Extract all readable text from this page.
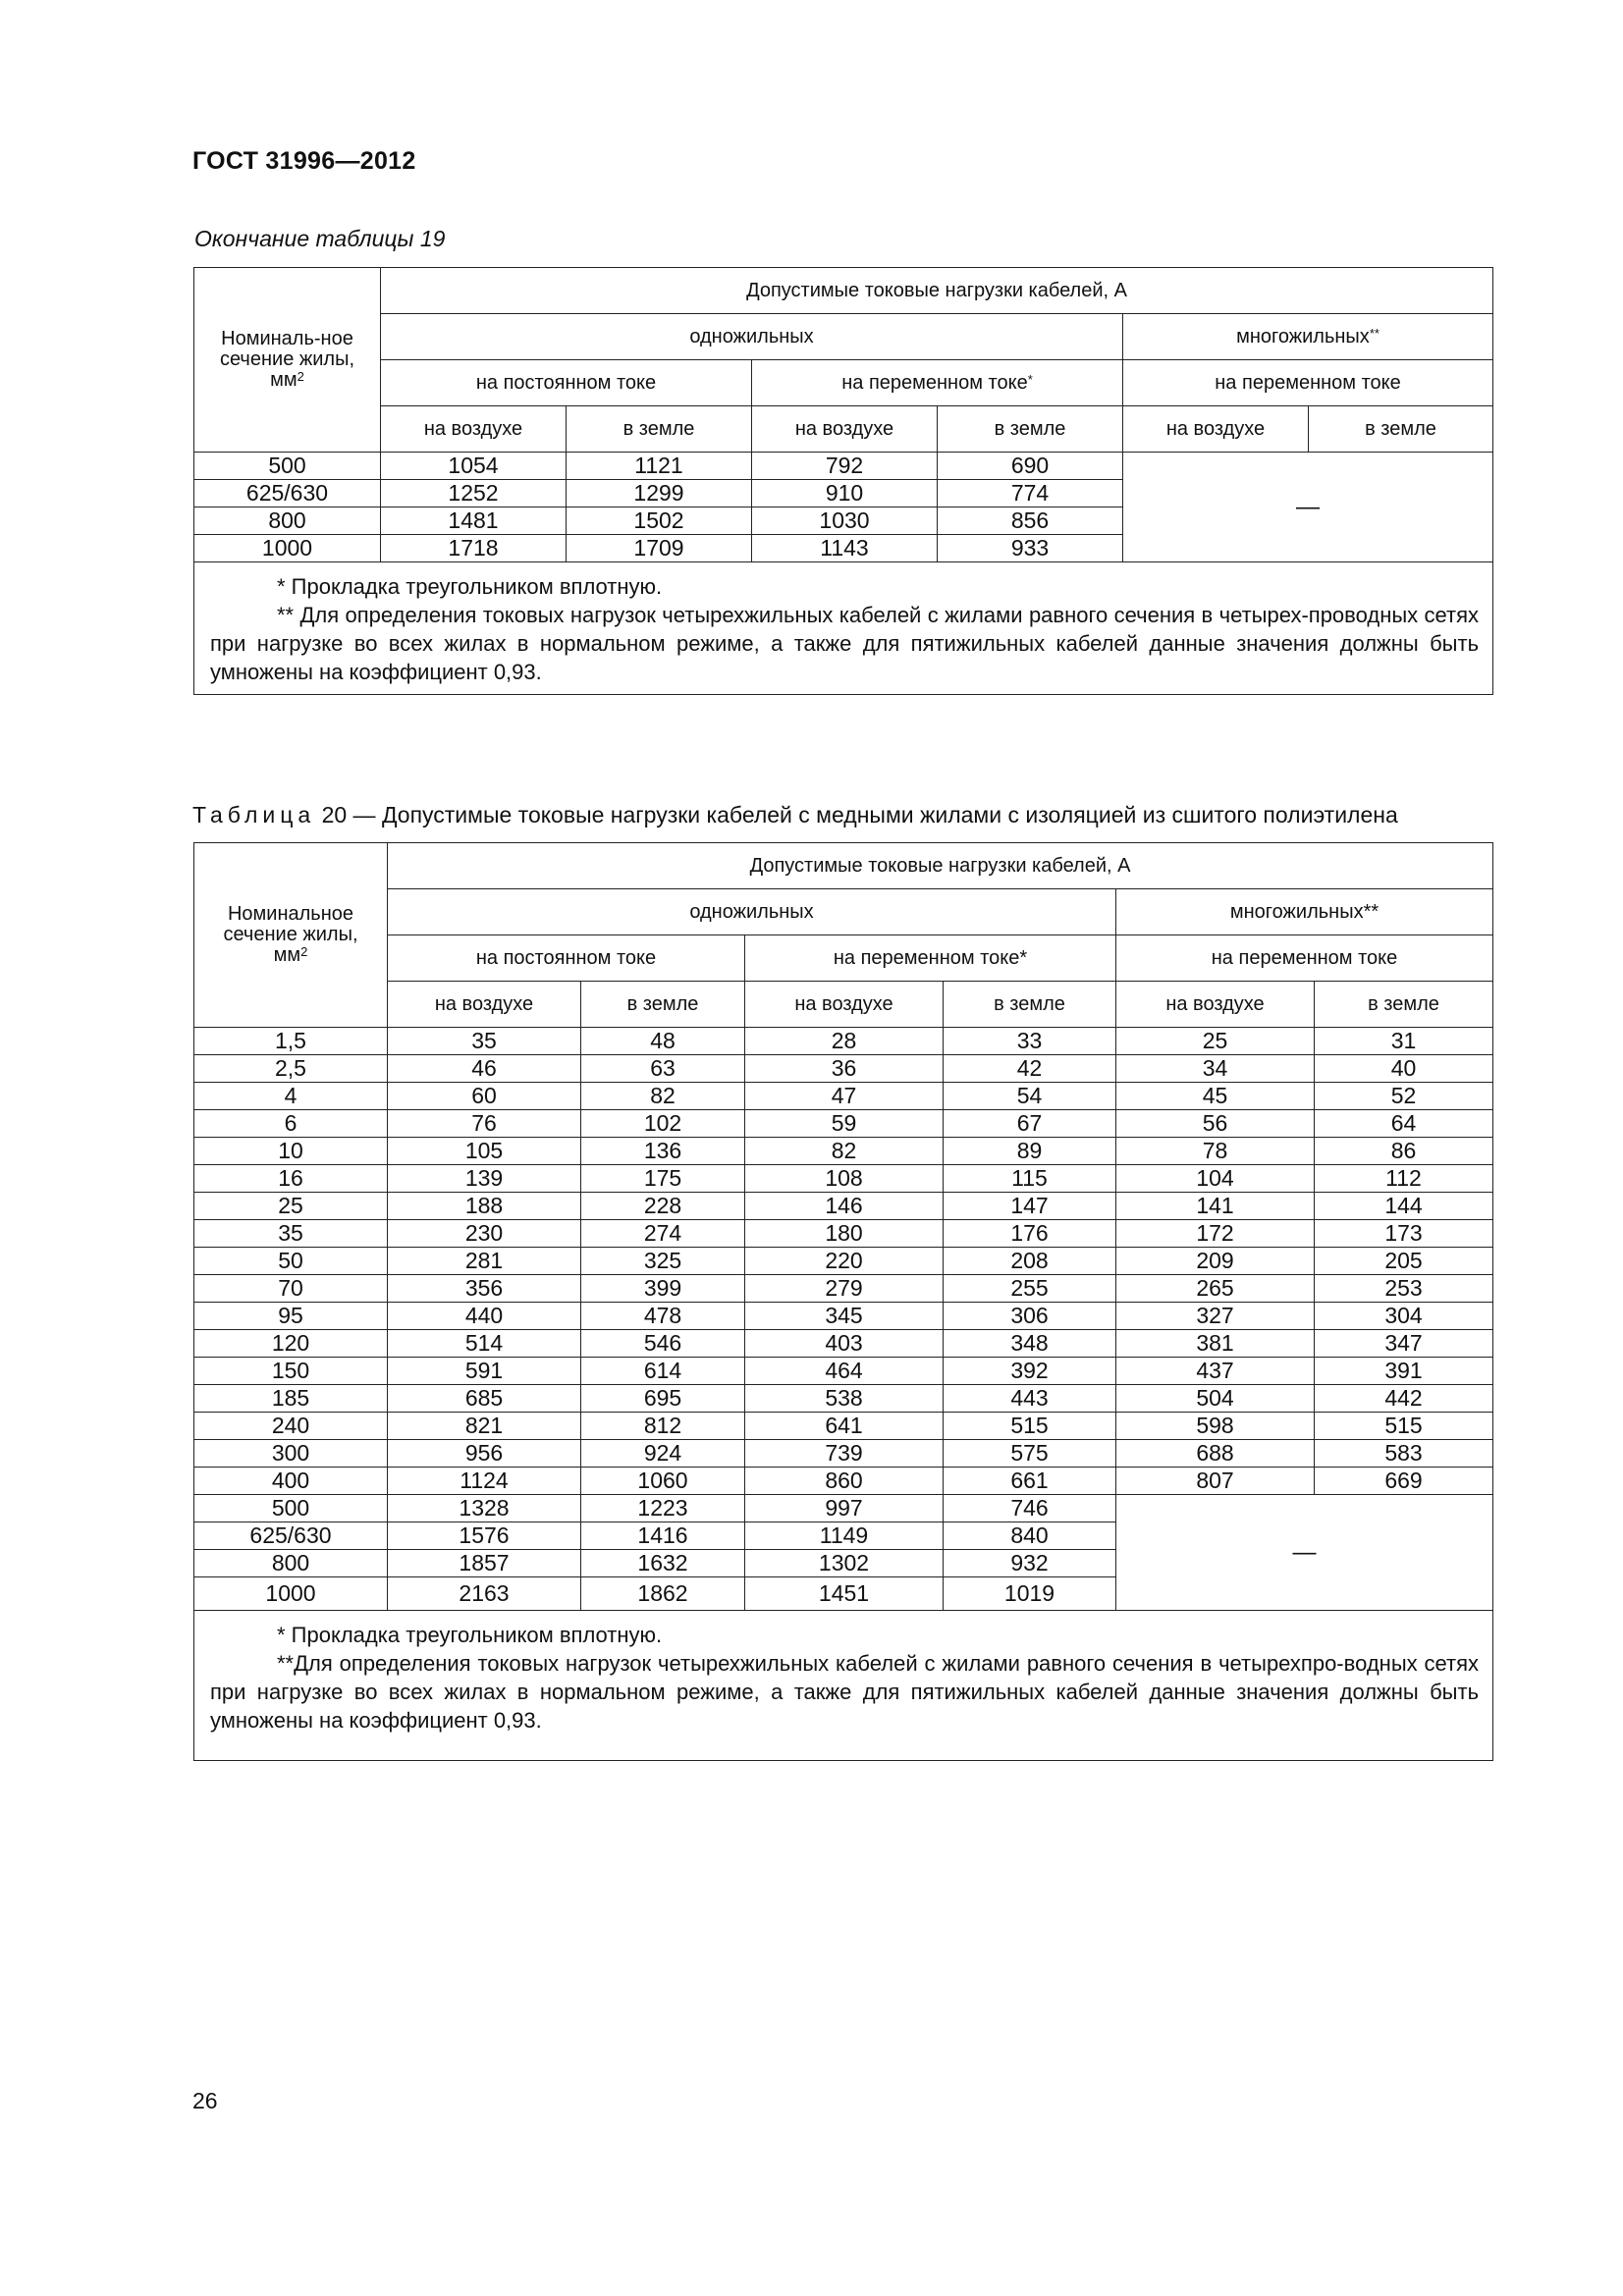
ГОСТ 31996—2012
Окончание таблицы 19
Номиналь-ное сечение жилы, $мм^2$	Допустимые токовые нагрузки кабелей, А					
	одножильных				многожильных**
	на постоянном токе		на переменном токе*		на переменном токе	
	на воздухе	в земле	на воздухе	в земле	на воздухе	в земле
500	1054	1121	792	690	—	
625/630	1252	1299	910	774		
800	1481	1502	1030	856		
1000	1718	1709	1143	933		

* Прокладка треугольником вплотную.
** Для определения токовых нагрузок четырехжильных кабелей с жилами равного сечения в четырех-проводных сетях при нагрузке во всех жилах в нормальном режиме, а также для пятижильных кабелей данные значения должны быть умножены на коэффициент 0,93.						
Таблица 20 — Допустимые токовые нагрузки кабелей с медными жилами с изоляцией из сшитого полиэтилена
Номинальное сечение жилы, $мм^2$	Допустимые токовые нагрузки кабелей, А					
	одножильных				многожильных**	
	на постоянном токе		на переменном токе*		на переменном токе	
	на воздухе	в земле	на воздухе	в земле	на воздухе	в земле
1,5	35	48	28	33	25	31
2,5	46	63	36	42	34	40
4	60	82	47	54	45	52
6	76	102	59	67	56	64
10	105	136	82	89	78	86
16	139	175	108	115	104	112
25	188	228	146	147	141	144
35	230	274	180	176	172	173
50	281	325	220	208	209	205
70	356	399	279	255	265	253
95	440	478	345	306	327	304
120	514	546	403	348	381	347
150	591	614	464	392	437	391
185	685	695	538	443	504	442
240	821	812	641	515	598	515
300	956	924	739	575	688	583
400	1124	1060	860	661	807	669
500	1328	1223	997	746	—	
625/630	1576	1416	1149	840		
800	1857	1632	1302	932		
1000	2163	1862	1451	1019		

* Прокладка треугольником вплотную.
**Для определения токовых нагрузок четырехжильных кабелей с жилами равного сечения в четырехпро-водных сетях при нагрузке во всех жилах в нормальном режиме, а также для пятижильных кабелей данные значения должны быть умножены на коэффициент 0,93.						
26
